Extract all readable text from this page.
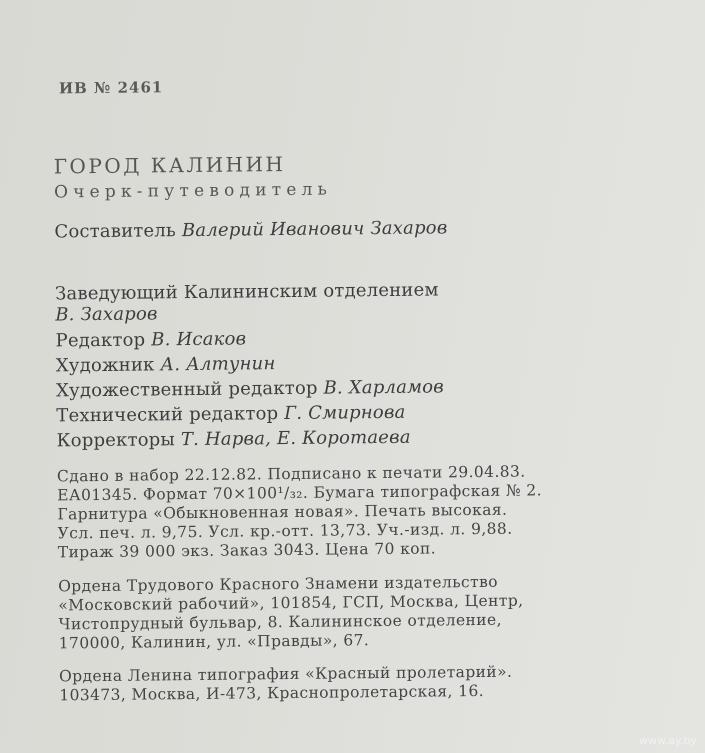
ИВ № 2461
ГОРОД КАЛИНИН
Очерк-путеводитель
Составитель Валерий Иванович Захаров
Заведующий Калининским отделением
В. Захаров
Редактор В. Исаков
Художник А. Алтунин
Художественный редактор В. Харламов
Технический редактор Г. Смирнова
Корректоры Т. Нарва, Е. Коротаева
Сдано в набор 22.12.82. Подписано к печати 29.04.83.
ЕА01345. Формат 70×100¹/₃₂. Бумага типографская № 2.
Гарнитура «Обыкновенная новая». Печать высокая.
Усл. печ. л. 9,75. Усл. кр.-отт. 13,73. Уч.-изд. л. 9,88.
Тираж 39 000 экз. Заказ 3043. Цена 70 коп.
Ордена Трудового Красного Знамени издательство
«Московский рабочий», 101854, ГСП, Москва, Центр,
Чистопрудный бульвар, 8. Калининское отделение,
170000, Калинин, ул. «Правды», 67.
Ордена Ленина типография «Красный пролетарий».
103473, Москва, И-473, Краснопролетарская, 16.
www.ay.by
